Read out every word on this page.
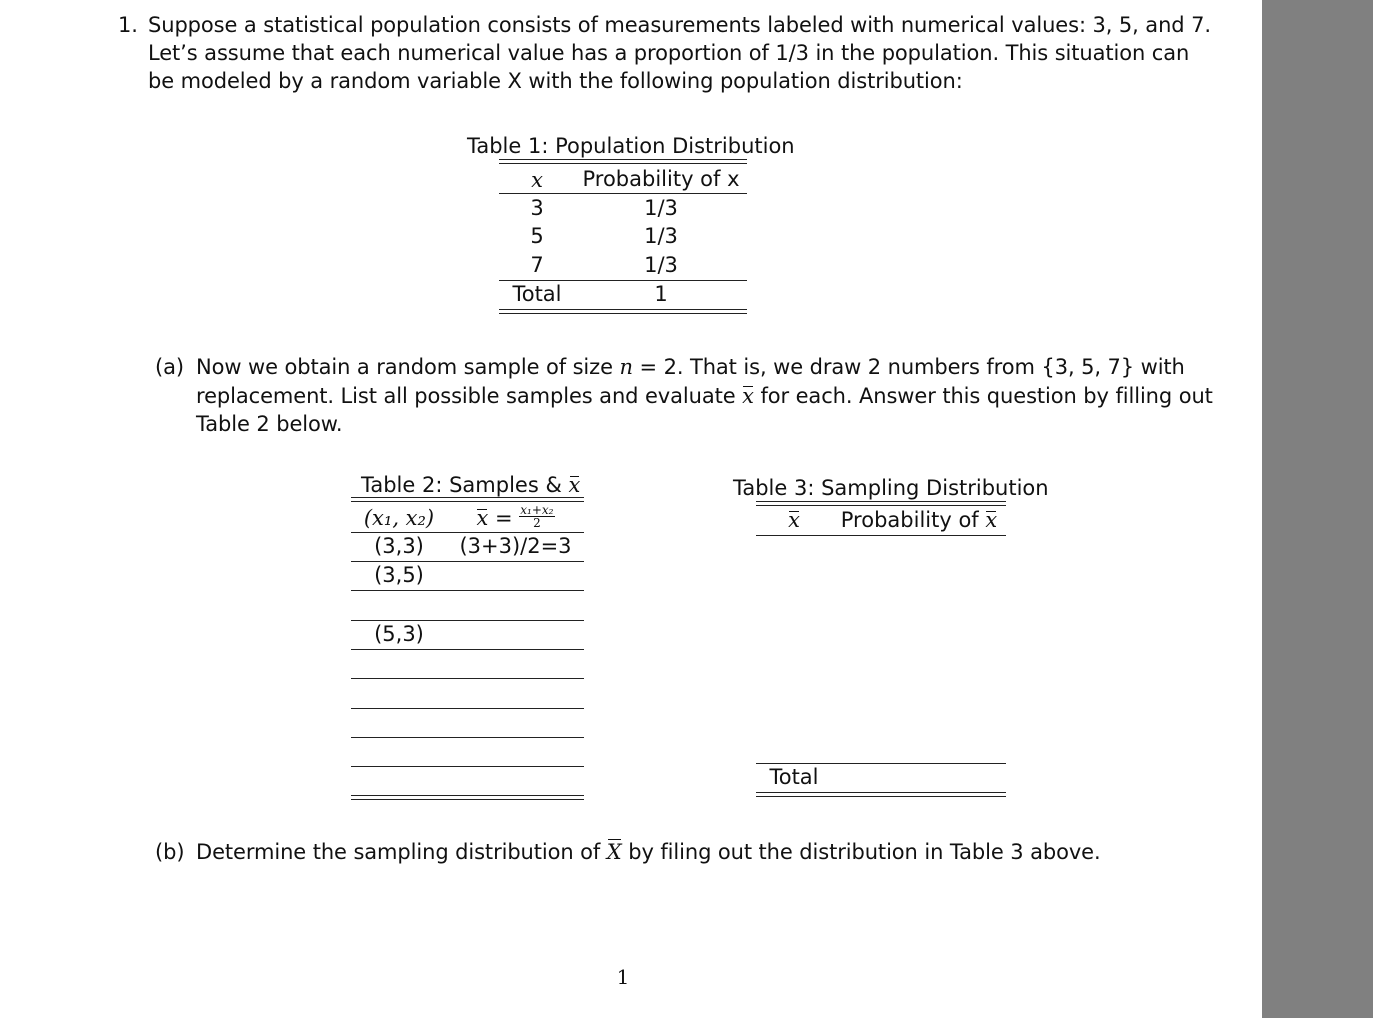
1. Suppose a statistical population consists of measurements labeled with numerical values: 3, 5, and 7.
Let’s assume that each numerical value has a proportion of 1/3 in the population. This situation can
be modeled by a random variable X with the following population distribution:
Table 1: Population Distribution
x	Probability of x
3	1/3
5	1/3
7	1/3
Total	1
(a) Now we obtain a random sample of size n = 2. That is, we draw 2 numbers from {3, 5, 7} with
replacement. List all possible samples and evaluate x for each. Answer this question by filling out
Table 2 below.
Table 2: Samples & x
(x₁, x₂)	$x = \frac{\text{x₁+x₂}}{2}$
(3,3)	(3+3)/2=3
(3,5)
(5,3)
Table 3: Sampling Distribution
x	Probability of x
Total
(b) Determine the sampling distribution of X by filing out the distribution in Table 3 above.
1
